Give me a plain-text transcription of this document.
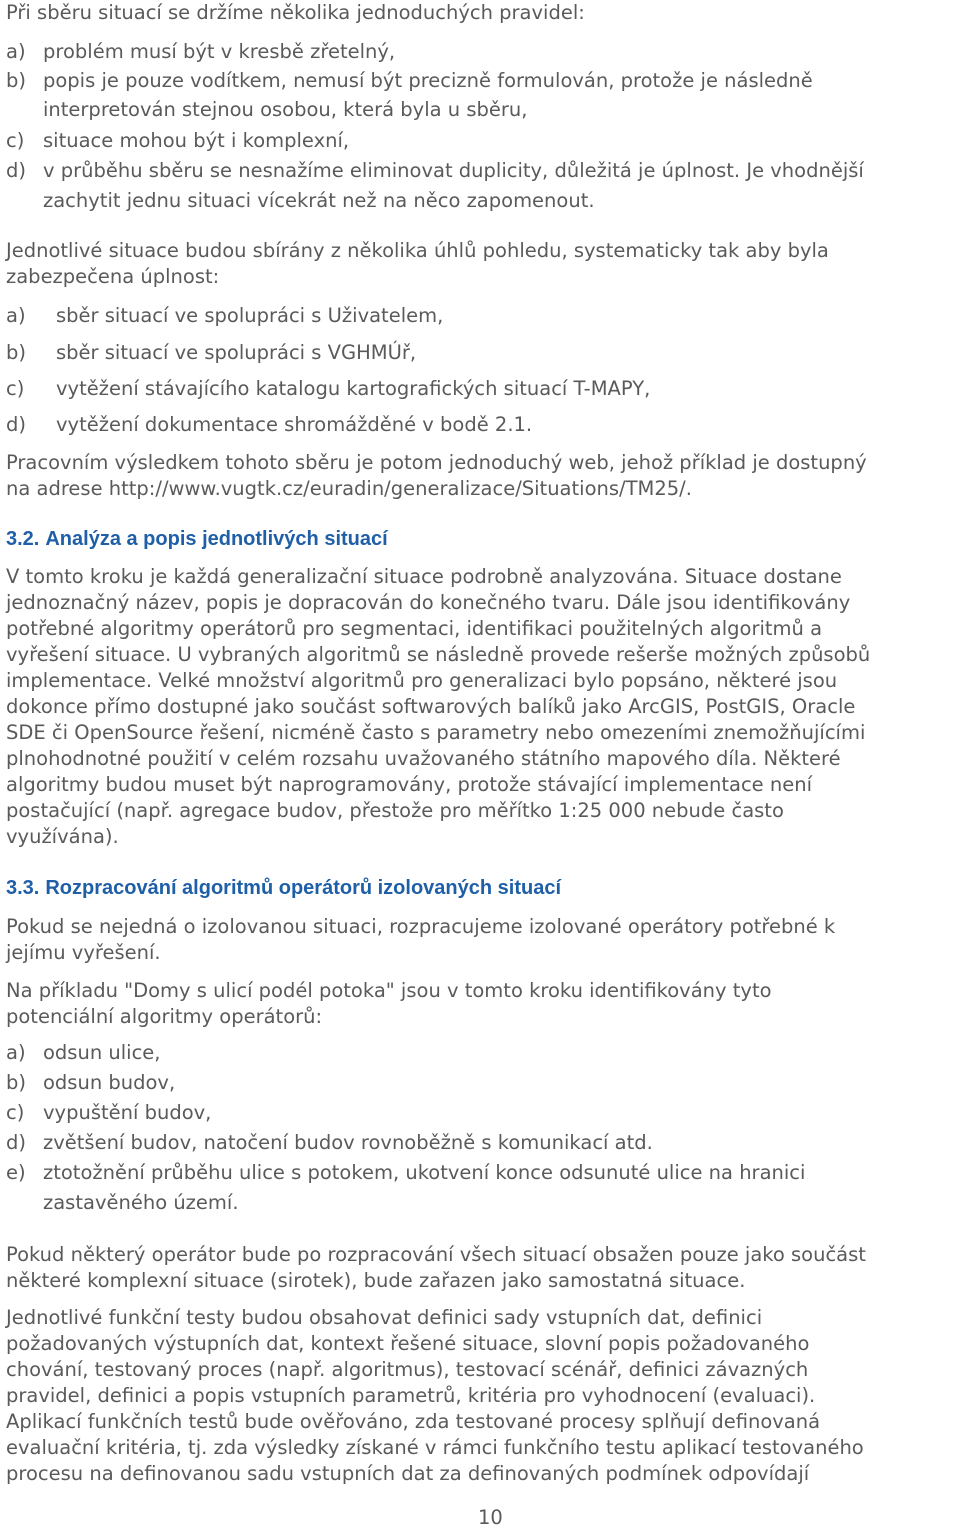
Při sběru situací se držíme několika jednoduchých pravidel:
a) problém musí být v kresbě zřetelný,
b) popis je pouze vodítkem, nemusí být precizně formulován, protože je následně
interpretován stejnou osobou, která byla u sběru,
c) situace mohou být i komplexní,
d) v průběhu sběru se nesnažíme eliminovat duplicity, důležitá je úplnost. Je vhodnější
zachytit jednu situaci vícekrát než na něco zapomenout.
Jednotlivé situace budou sbírány z několika úhlů pohledu, systematicky tak aby byla
zabezpečena úplnost:
a) sběr situací ve spolupráci s Uživatelem,
b) sběr situací ve spolupráci s VGHMÚř,
c) vytěžení stávajícího katalogu kartografických situací T-MAPY,
d) vytěžení dokumentace shromážděné v bodě 2.1.
Pracovním výsledkem tohoto sběru je potom jednoduchý web, jehož příklad je dostupný
na adrese http://www.vugtk.cz/euradin/generalizace/Situations/TM25/.
3.2. Analýza a popis jednotlivých situací
V tomto kroku je každá generalizační situace podrobně analyzována. Situace dostane
jednoznačný název, popis je dopracován do konečného tvaru. Dále jsou identifikovány
potřebné algoritmy operátorů pro segmentaci, identifikaci použitelných algoritmů a
vyřešení situace. U vybraných algoritmů se následně provede rešerše možných způsobů
implementace. Velké množství algoritmů pro generalizaci bylo popsáno, některé jsou
dokonce přímo dostupné jako součást softwarových balíků jako ArcGIS, PostGIS, Oracle
SDE či OpenSource řešení, nicméně často s parametry nebo omezeními znemožňujícími
plnohodnotné použití v celém rozsahu uvažovaného státního mapového díla. Některé
algoritmy budou muset být naprogramovány, protože stávající implementace není
postačující (např. agregace budov, přestože pro měřítko 1:25 000 nebude často
využívána).
3.3. Rozpracování algoritmů operátorů izolovaných situací
Pokud se nejedná o izolovanou situaci, rozpracujeme izolované operátory potřebné k
jejímu vyřešení.
Na příkladu "Domy s ulicí podél potoka" jsou v tomto kroku identifikovány tyto
potenciální algoritmy operátorů:
a) odsun ulice,
b) odsun budov,
c) vypuštění budov,
d) zvětšení budov, natočení budov rovnoběžně s komunikací atd.
e) ztotožnění průběhu ulice s potokem, ukotvení konce odsunuté ulice na hranici
zastavěného území.
Pokud některý operátor bude po rozpracování všech situací obsažen pouze jako součást
některé komplexní situace (sirotek), bude zařazen jako samostatná situace.
Jednotlivé funkční testy budou obsahovat definici sady vstupních dat, definici
požadovaných výstupních dat, kontext řešené situace, slovní popis požadovaného
chování, testovaný proces (např. algoritmus), testovací scénář, definici závazných
pravidel, definici a popis vstupních parametrů, kritéria pro vyhodnocení (evaluaci).
Aplikací funkčních testů bude ověřováno, zda testované procesy splňují definovaná
evaluační kritéria, tj. zda výsledky získané v rámci funkčního testu aplikací testovaného
procesu na definovanou sadu vstupních dat za definovaných podmínek odpovídají
10
